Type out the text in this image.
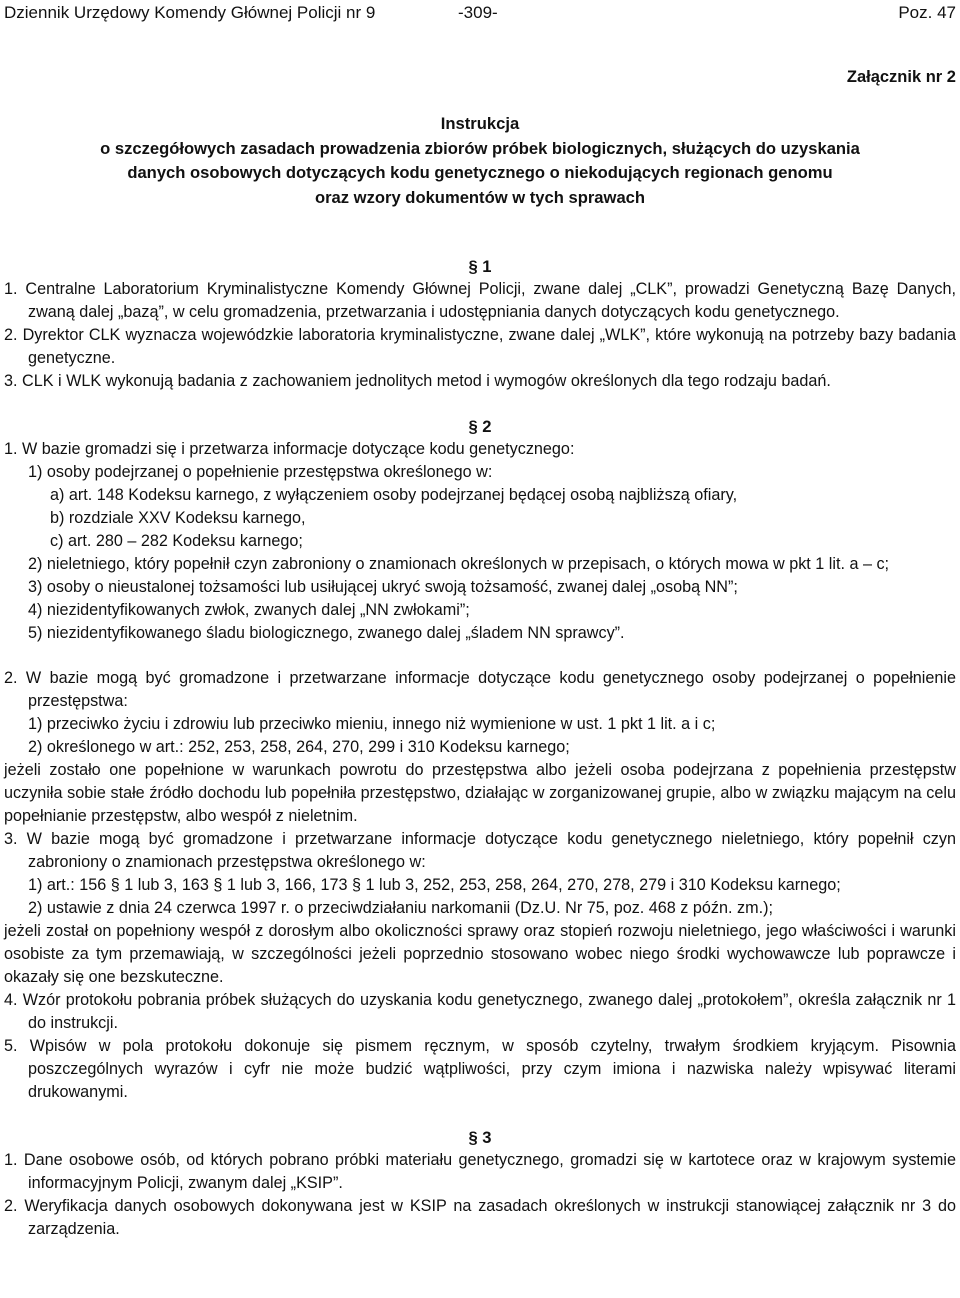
Dziennik Urzędowy Komendy Głównej Policji nr 9	-309-	Poz. 47
Załącznik nr 2
Instrukcja
o szczegółowych zasadach prowadzenia zbiorów próbek biologicznych, służących do uzyskania
danych osobowych dotyczących kodu genetycznego o niekodujących regionach genomu
oraz wzory dokumentów w tych sprawach
§ 1

1. Centralne Laboratorium Kryminalistyczne Komendy Głównej Policji, zwane dalej „CLK”, prowadzi Genetyczną Bazę Danych, zwaną dalej „bazą”, w celu gromadzenia, przetwarzania i udostępniania danych dotyczących kodu genetycznego.

2. Dyrektor CLK wyznacza wojewódzkie laboratoria kryminalistyczne, zwane dalej „WLK”, które wykonują na potrzeby bazy badania genetyczne.

3. CLK i WLK wykonują badania z zachowaniem jednolitych metod i wymogów określonych dla tego rodzaju badań.

§ 2

1. W bazie gromadzi się i przetwarza informacje dotyczące kodu genetycznego:

1) osoby podejrzanej o popełnienie przestępstwa określonego w:

a) art. 148 Kodeksu karnego, z wyłączeniem osoby podejrzanej będącej osobą najbliższą ofiary,

b) rozdziale XXV Kodeksu karnego,

c) art. 280 – 282 Kodeksu karnego;

2) nieletniego, który popełnił czyn zabroniony o znamionach określonych w przepisach, o których mowa w pkt 1 lit. a – c;

3) osoby o nieustalonej tożsamości lub usiłującej ukryć swoją tożsamość, zwanej dalej „osobą NN”;

4) niezidentyfikowanych zwłok, zwanych dalej „NN zwłokami”;

5) niezidentyfikowanego śladu biologicznego, zwanego dalej „śladem NN sprawcy”.

2. W bazie mogą być gromadzone i przetwarzane informacje dotyczące kodu genetycznego osoby podejrzanej o popełnienie przestępstwa:

1) przeciwko życiu i zdrowiu lub przeciwko mieniu, innego niż wymienione w ust. 1 pkt 1 lit. a i c;

2) określonego w art.: 252, 253, 258, 264, 270, 299 i 310 Kodeksu karnego;

jeżeli zostało one popełnione w warunkach powrotu do przestępstwa albo jeżeli osoba podejrzana z popełnienia przestępstw uczyniła sobie stałe źródło dochodu lub popełniła przestępstwo, działając w zorganizowanej grupie, albo w związku mającym na celu popełnianie przestępstw, albo wespół z nieletnim.

3. W bazie mogą być gromadzone i przetwarzane informacje dotyczące kodu genetycznego nieletniego, który popełnił czyn zabroniony o znamionach przestępstwa określonego w:

1) art.: 156 § 1 lub 3, 163 § 1 lub 3, 166, 173 § 1 lub 3, 252, 253, 258, 264, 270, 278, 279 i 310 Kodeksu karnego;

2) ustawie z dnia 24 czerwca 1997 r. o przeciwdziałaniu narkomanii (Dz.U. Nr 75, poz. 468 z późn. zm.);

jeżeli został on popełniony wespół z dorosłym albo okoliczności sprawy oraz stopień rozwoju nieletniego, jego właściwości i warunki osobiste za tym przemawiają, w szczególności jeżeli poprzednio stosowano wobec niego środki wychowawcze lub poprawcze i okazały się one bezskuteczne.

4. Wzór protokołu pobrania próbek służących do uzyskania kodu genetycznego, zwanego dalej „protokołem”, określa załącznik nr 1 do instrukcji.

5. Wpisów w pola protokołu dokonuje się pismem ręcznym, w sposób czytelny, trwałym środkiem kryjącym. Pisownia poszczególnych wyrazów i cyfr nie może budzić wątpliwości, przy czym imiona i nazwiska należy wpisywać literami drukowanymi.

§ 3

1. Dane osobowe osób, od których pobrano próbki materiału genetycznego, gromadzi się w kartotece oraz w krajowym systemie informacyjnym Policji, zwanym dalej „KSIP”.

2. Weryfikacja danych osobowych dokonywana jest w KSIP na zasadach określonych w instrukcji stanowiącej załącznik nr 3 do zarządzenia.
